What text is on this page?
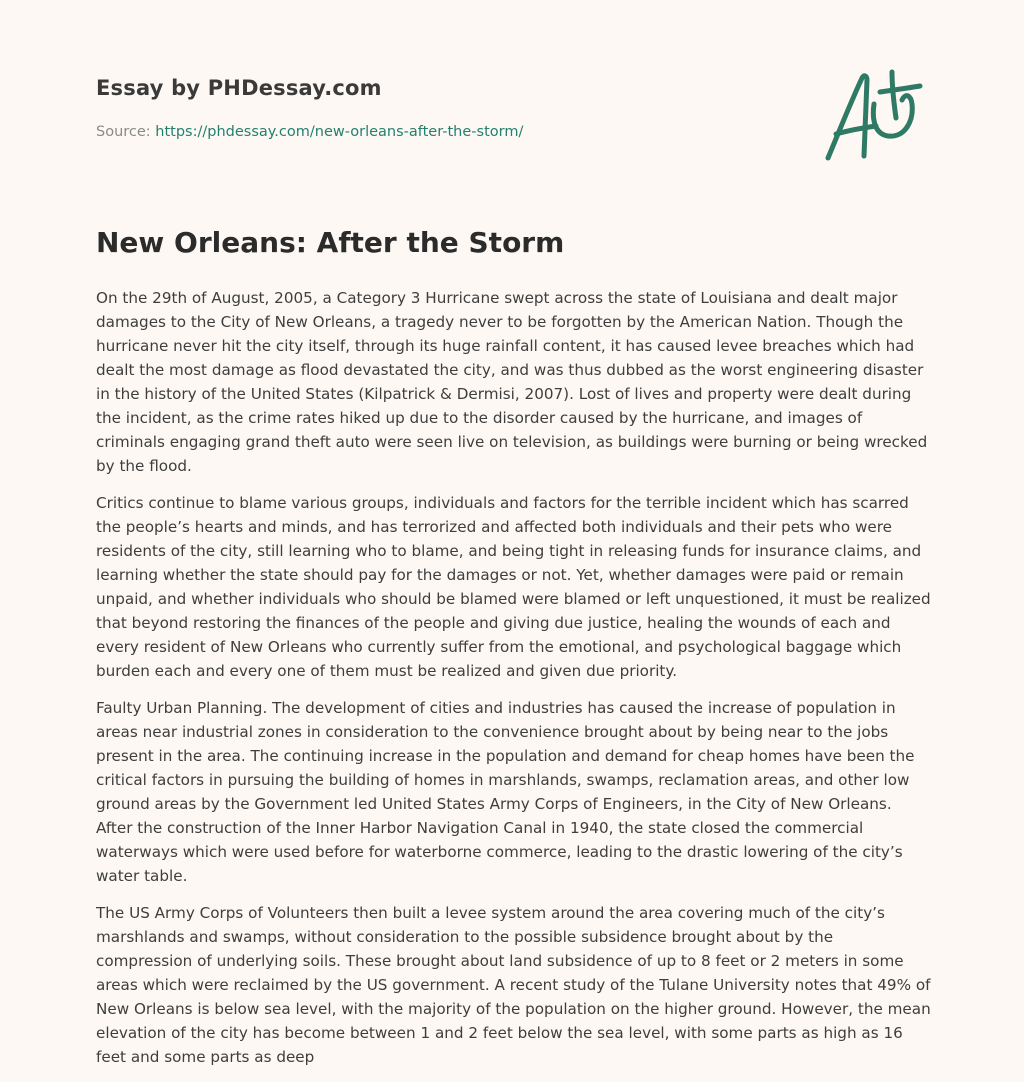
Essay by PHDessay.com

Source: https://phdessay.com/new-orleans-after-the-storm/

New Orleans: After the Storm

On the 29th of August, 2005, a Category 3 Hurricane swept across the state of Louisiana and dealt major damages to the City of New Orleans, a tragedy never to be forgotten by the American Nation. Though the hurricane never hit the city itself, through its huge rainfall content, it has caused levee breaches which had dealt the most damage as flood devastated the city, and was thus dubbed as the worst engineering disaster in the history of the United States (Kilpatrick & Dermisi, 2007). Lost of lives and property were dealt during the incident, as the crime rates hiked up due to the disorder caused by the hurricane, and images of criminals engaging grand theft auto were seen live on television, as buildings were burning or being wrecked by the flood.

Critics continue to blame various groups, individuals and factors for the terrible incident which has scarred the people’s hearts and minds, and has terrorized and affected both individuals and their pets who were residents of the city, still learning who to blame, and being tight in releasing funds for insurance claims, and learning whether the state should pay for the damages or not. Yet, whether damages were paid or remain unpaid, and whether individuals who should be blamed were blamed or left unquestioned, it must be realized that beyond restoring the finances of the people and giving due justice, healing the wounds of each and every resident of New Orleans who currently suffer from the emotional, and psychological baggage which burden each and every one of them must be realized and given due priority.

Faulty Urban Planning. The development of cities and industries has caused the increase of population in areas near industrial zones in consideration to the convenience brought about by being near to the jobs present in the area. The continuing increase in the population and demand for cheap homes have been the critical factors in pursuing the building of homes in marshlands, swamps, reclamation areas, and other low ground areas by the Government led United States Army Corps of Engineers, in the City of New Orleans. After the construction of the Inner Harbor Navigation Canal in 1940, the state closed the commercial waterways which were used before for waterborne commerce, leading to the drastic lowering of the city’s water table.

The US Army Corps of Volunteers then built a levee system around the area covering much of the city’s marshlands and swamps, without consideration to the possible subsidence brought about by the compression of underlying soils. These brought about land subsidence of up to 8 feet or 2 meters in some areas which were reclaimed by the US government. A recent study of the Tulane University notes that 49% of New Orleans is below sea level, with the majority of the population on the higher ground. However, the mean elevation of the city has become between 1 and 2 feet below the sea level, with some parts as high as 16 feet and some parts as deep
